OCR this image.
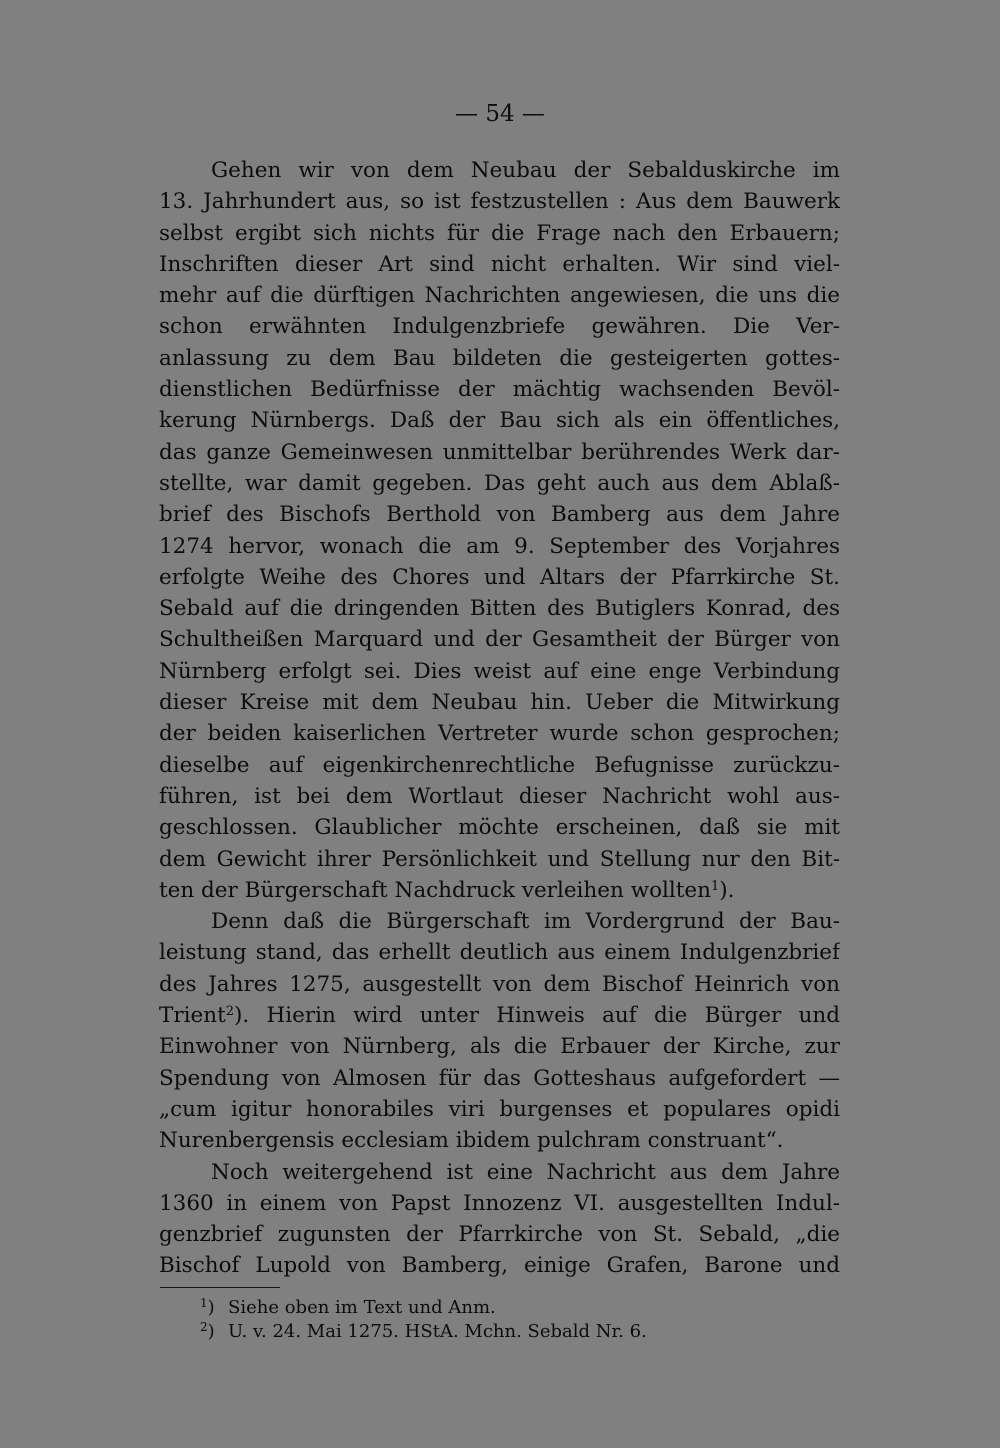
— 54 —
Gehen wir von dem Neubau der Sebalduskirche im
13. Jahrhundert aus, so ist festzustellen : Aus dem Bauwerk
selbst ergibt sich nichts für die Frage nach den Erbauern;
Inschriften dieser Art sind nicht erhalten. Wir sind viel-
mehr auf die dürftigen Nachrichten angewiesen, die uns die
schon erwähnten Indulgenzbriefe gewähren. Die Ver-
anlassung zu dem Bau bildeten die gesteigerten gottes-
dienstlichen Bedürfnisse der mächtig wachsenden Bevöl-
kerung Nürnbergs. Daß der Bau sich als ein öffentliches,
das ganze Gemeinwesen unmittelbar berührendes Werk dar-
stellte, war damit gegeben. Das geht auch aus dem Ablaß-
brief des Bischofs Berthold von Bamberg aus dem Jahre
1274 hervor, wonach die am 9. September des Vorjahres
erfolgte Weihe des Chores und Altars der Pfarrkirche St.
Sebald auf die dringenden Bitten des Butiglers Konrad, des
Schultheißen Marquard und der Gesamtheit der Bürger von
Nürnberg erfolgt sei. Dies weist auf eine enge Verbindung
dieser Kreise mit dem Neubau hin. Ueber die Mitwirkung
der beiden kaiserlichen Vertreter wurde schon gesprochen;
dieselbe auf eigenkirchenrechtliche Befugnisse zurückzu-
führen, ist bei dem Wortlaut dieser Nachricht wohl aus-
geschlossen. Glaublicher möchte erscheinen, daß sie mit
dem Gewicht ihrer Persönlichkeit und Stellung nur den Bit-
ten der Bürgerschaft Nachdruck verleihen wollten$^1$).
Denn daß die Bürgerschaft im Vordergrund der Bau-
leistung stand, das erhellt deutlich aus einem Indulgenzbrief
des Jahres 1275, ausgestellt von dem Bischof Heinrich von
Trient$^2$). Hierin wird unter Hinweis auf die Bürger und
Einwohner von Nürnberg, als die Erbauer der Kirche, zur
Spendung von Almosen für das Gotteshaus aufgefordert —
„cum igitur honorabiles viri burgenses et populares opidi
Nurenbergensis ecclesiam ibidem pulchram construant“.
Noch weitergehend ist eine Nachricht aus dem Jahre
1360 in einem von Papst Innozenz VI. ausgestellten Indul-
genzbrief zugunsten der Pfarrkirche von St. Sebald, „die
Bischof Lupold von Bamberg, einige Grafen, Barone und
$^1$) Siehe oben im Text und Anm.
$^2$) U. v. 24. Mai 1275. HStA. Mchn. Sebald Nr. 6.
